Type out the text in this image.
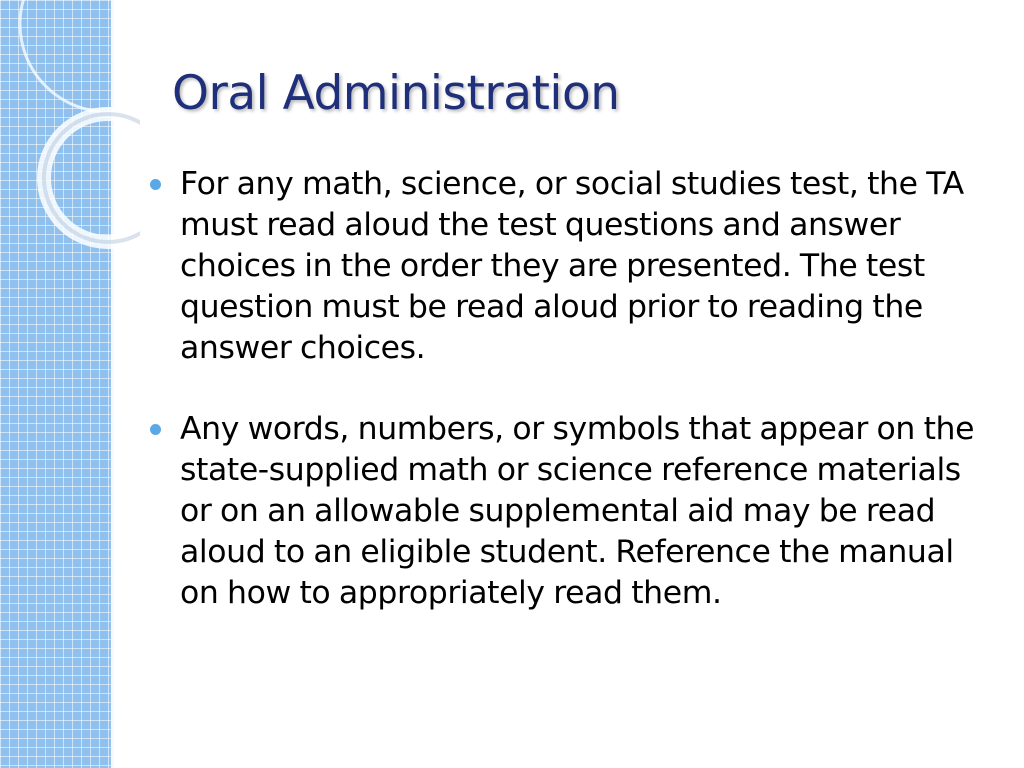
Oral Administration
For any math, science, or social studies test, the TA must read aloud the test questions and answer choices in the order they are presented. The test question must be read aloud prior to reading the answer choices.
Any words, numbers, or symbols that appear on the state-supplied math or science reference materials or on an allowable supplemental aid may be read aloud to an eligible student. Reference the manual on how to appropriately read them.
